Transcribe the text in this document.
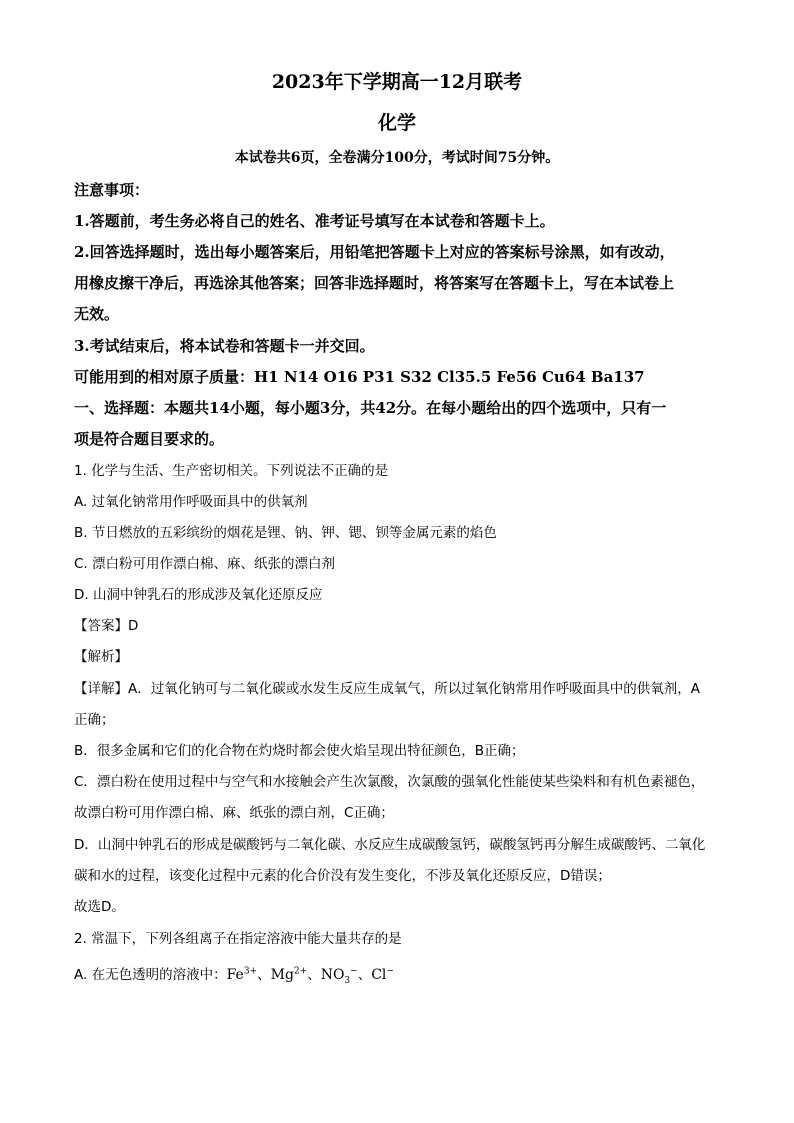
2023年下学期高一12月联考
化学
本试卷共6页，全卷满分100分，考试时间75分钟。
注意事项：
1.答题前，考生务必将自己的姓名、准考证号填写在本试卷和答题卡上。
2.回答选择题时，选出每小题答案后，用铅笔把答题卡上对应的答案标号涂黑，如有改动，
用橡皮擦干净后，再选涂其他答案；回答非选择题时，将答案写在答题卡上，写在本试卷上
无效。
3.考试结束后，将本试卷和答题卡一并交回。
可能用到的相对原子质量：H1 N14 O16 P31 S32 Cl35.5 Fe56 Cu64 Ba137
一、选择题：本题共14小题，每小题3分，共42分。在每小题给出的四个选项中，只有一
项是符合题目要求的。
1. 化学与生活、生产密切相关。下列说法不正确的是
A. 过氧化钠常用作呼吸面具中的供氧剂
B. 节日燃放的五彩缤纷的烟花是锂、钠、钾、锶、钡等金属元素的焰色
C. 漂白粉可用作漂白棉、麻、纸张的漂白剂
D. 山洞中钟乳石的形成涉及氧化还原反应
【答案】D
【解析】
【详解】A．过氧化钠可与二氧化碳或水发生反应生成氧气，所以过氧化钠常用作呼吸面具中的供氧剂，A
正确；
B．很多金属和它们的化合物在灼烧时都会使火焰呈现出特征颜色，B正确；
C．漂白粉在使用过程中与空气和水接触会产生次氯酸，次氯酸的强氧化性能使某些染料和有机色素褪色，
故漂白粉可用作漂白棉、麻、纸张的漂白剂，C正确；
D．山洞中钟乳石的形成是碳酸钙与二氧化碳、水反应生成碳酸氢钙，碳酸氢钙再分解生成碳酸钙、二氧化
碳和水的过程，该变化过程中元素的化合价没有发生变化，不涉及氧化还原反应，D错误；
故选D。
2. 常温下，下列各组离子在指定溶液中能大量共存的是
A. 在无色透明的溶液中：$Fe^{3+}$、$Mg^{2+}$、$NO_3^-$、Cl−
